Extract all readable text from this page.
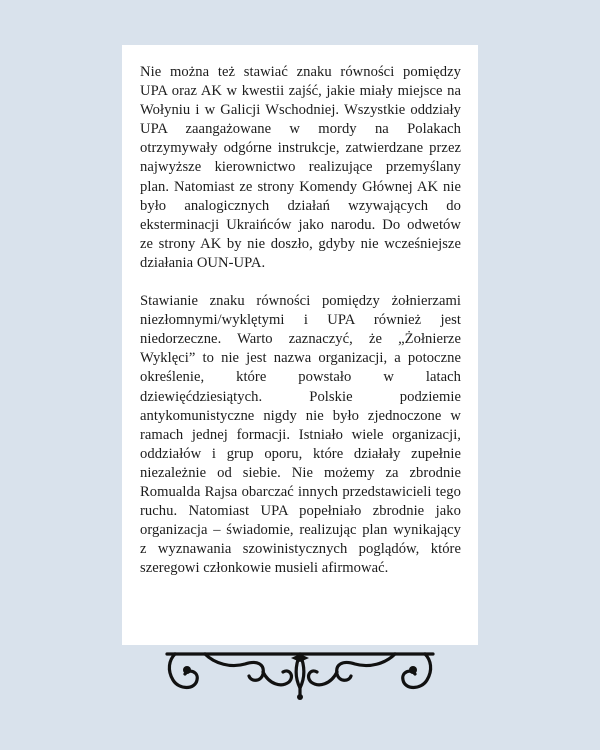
Nie można też stawiać znaku równości pomiędzy UPA oraz AK w kwestii zajść, jakie miały miejsce na Wołyniu i w Galicji Wschodniej. Wszystkie oddziały UPA zaangażowane w mordy na Polakach otrzymywały odgórne instrukcje, zatwierdzane przez najwyższe kierownictwo realizujące przemyślany plan. Natomiast ze strony Komendy Głównej AK nie było analogicznych działań wzywających do eksterminacji Ukraińców jako narodu. Do odwetów ze strony AK by nie doszło, gdyby nie wcześniejsze działania OUN-UPA.

Stawianie znaku równości pomiędzy żołnierzami niezłomnymi/wyklętymi i UPA również jest niedorzeczne. Warto zaznaczyć, że „Żołnierze Wyklęci” to nie jest nazwa organizacji, a potoczne określenie, które powstało w latach dziewięćdziesiątych. Polskie podziemie antykomunistyczne nigdy nie było zjednoczone w ramach jednej formacji. Istniało wiele organizacji, oddziałów i grup oporu, które działały zupełnie niezależnie od siebie. Nie możemy za zbrodnie Romualda Rajsa obarczać innych przedstawicieli tego ruchu. Natomiast UPA popełniało zbrodnie jako organizacja – świadomie, realizując plan wynikający z wyznawania szowinistycznych poglądów, które szeregowi członkowie musieli afirmować.
